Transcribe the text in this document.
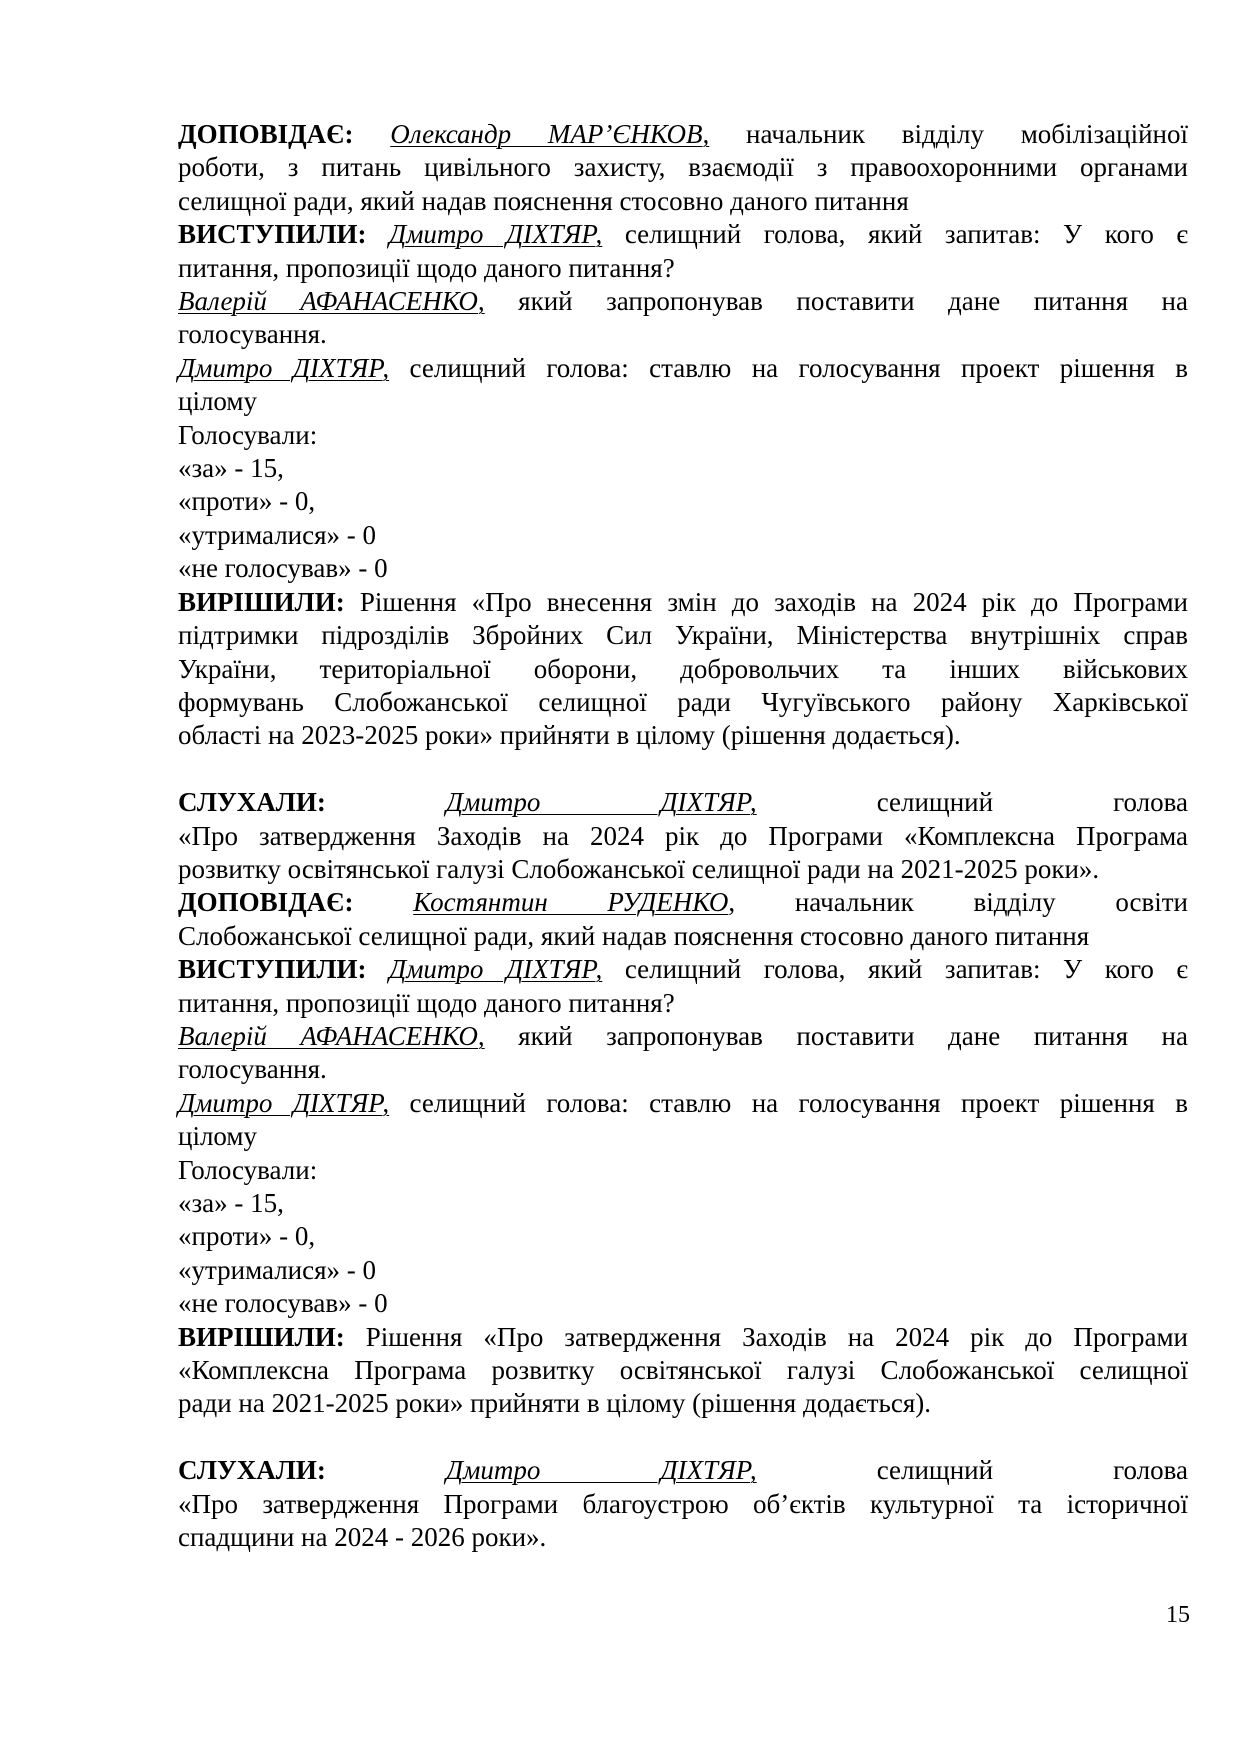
ДОПОВІДАЄ: Олександр МАР’ЄНКОВ, начальник відділу мобілізаційної
роботи, з питань цивільного захисту, взаємодії з правоохоронними органами
селищної ради, який надав пояснення стосовно даного питання
ВИСТУПИЛИ: Дмитро ДІХТЯР, селищний голова, який запитав: У кого є
питання, пропозиції щодо даного питання?
Валерій АФАНАСЕНКО, який запропонував поставити дане питання на
голосування.
Дмитро ДІХТЯР, селищний голова: ставлю на голосування проект рішення в
цілому
Голосували:
«за» - 15,
«проти» - 0,
«утрималися» - 0
«не голосував» - 0
ВИРІШИЛИ: Рішення «Про внесення змін до заходів на 2024 рік до Програми
підтримки підрозділів Збройних Сил України, Міністерства внутрішніх справ
України, територіальної оборони, добровольчих та інших військових
формувань Слобожанської селищної ради Чугуївського району Харківської
області на 2023-2025 роки» прийняти в цілому (рішення додається).
СЛУХАЛИ:	Дмитро ДІХТЯР, селищний голова
«Про затвердження Заходів на 2024 рік до Програми «Комплексна Програма
розвитку освітянської галузі Слобожанської селищної ради на 2021-2025 роки».
ДОПОВІДАЄ: Костянтин РУДЕНКО, начальник відділу освіти
Слобожанської селищної ради, який надав пояснення стосовно даного питання
ВИСТУПИЛИ: Дмитро ДІХТЯР, селищний голова, який запитав: У кого є
питання, пропозиції щодо даного питання?
Валерій АФАНАСЕНКО, який запропонував поставити дане питання на
голосування.
Дмитро ДІХТЯР, селищний голова: ставлю на голосування проект рішення в
цілому
Голосували:
«за» - 15,
«проти» - 0,
«утрималися» - 0
«не голосував» - 0
ВИРІШИЛИ: Рішення «Про затвердження Заходів на 2024 рік до Програми
«Комплексна Програма розвитку освітянської галузі Слобожанської селищної
ради на 2021-2025 роки» прийняти в цілому (рішення додається).
СЛУХАЛИ:	Дмитро ДІХТЯР, селищний голова
«Про затвердження Програми благоустрою об’єктів культурної та історичної
спадщини на 2024 - 2026 роки».
15
